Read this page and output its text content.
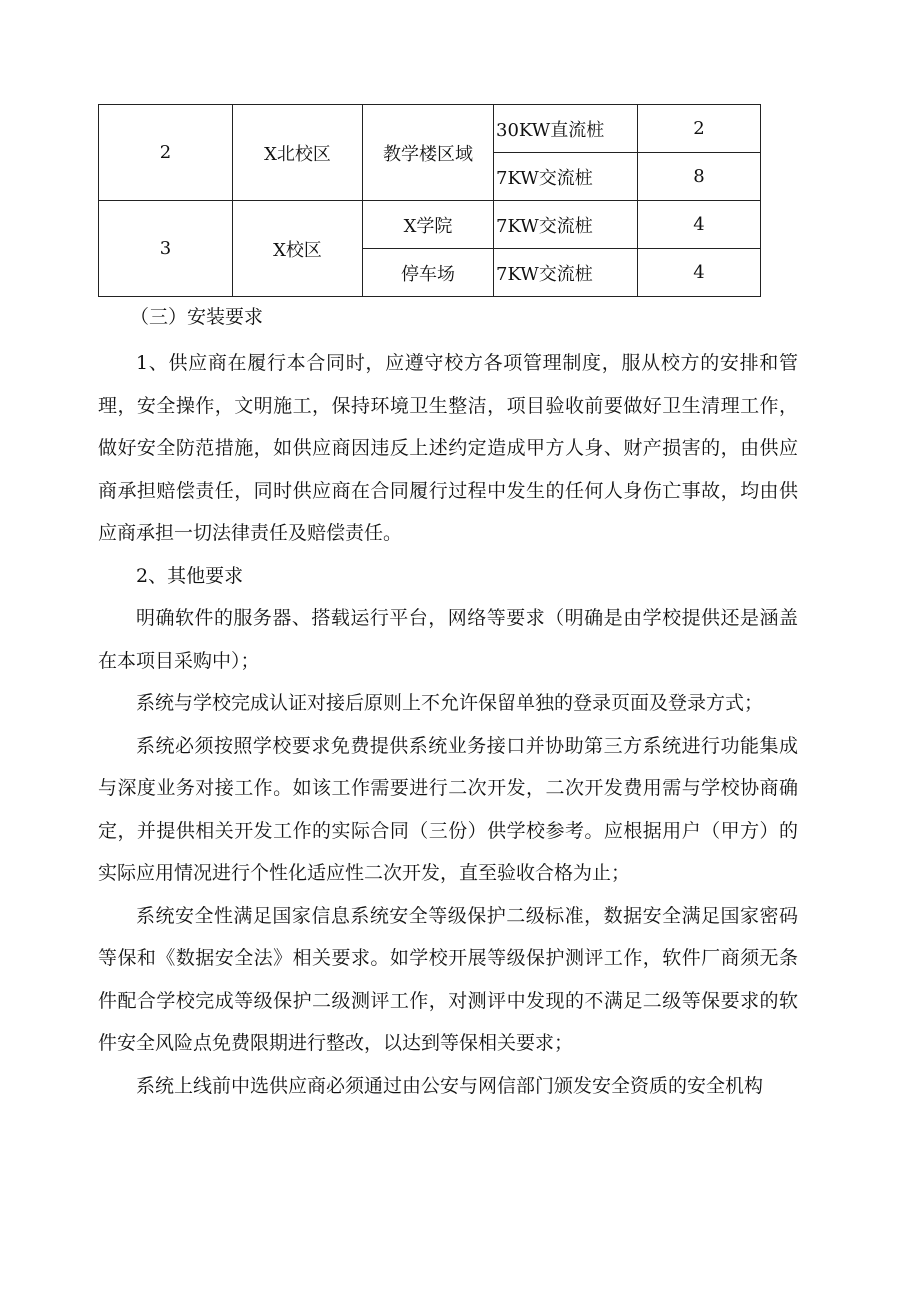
2	X北校区	教学楼区域	30KW直流桩	2
			7KW交流桩	8
3	X校区	X学院	7KW交流桩	4
		停车场	7KW交流桩	4
（三）安装要求

1、供应商在履行本合同时，应遵守校方各项管理制度，服从校方的安排和管理，安全操作，文明施工，保持环境卫生整洁，项目验收前要做好卫生清理工作，做好安全防范措施，如供应商因违反上述约定造成甲方人身、财产损害的，由供应商承担赔偿责任，同时供应商在合同履行过程中发生的任何人身伤亡事故，均由供应商承担一切法律责任及赔偿责任。

2、其他要求

明确软件的服务器、搭载运行平台，网络等要求（明确是由学校提供还是涵盖在本项目采购中）；

系统与学校完成认证对接后原则上不允许保留单独的登录页面及登录方式；

系统必须按照学校要求免费提供系统业务接口并协助第三方系统进行功能集成与深度业务对接工作。如该工作需要进行二次开发，二次开发费用需与学校协商确定，并提供相关开发工作的实际合同（三份）供学校参考。应根据用户（甲方）的实际应用情况进行个性化适应性二次开发，直至验收合格为止；

系统安全性满足国家信息系统安全等级保护二级标准，数据安全满足国家密码等保和《数据安全法》相关要求。如学校开展等级保护测评工作，软件厂商须无条件配合学校完成等级保护二级测评工作，对测评中发现的不满足二级等保要求的软件安全风险点免费限期进行整改，以达到等保相关要求；

系统上线前中选供应商必须通过由公安与网信部门颁发安全资质的安全机构
